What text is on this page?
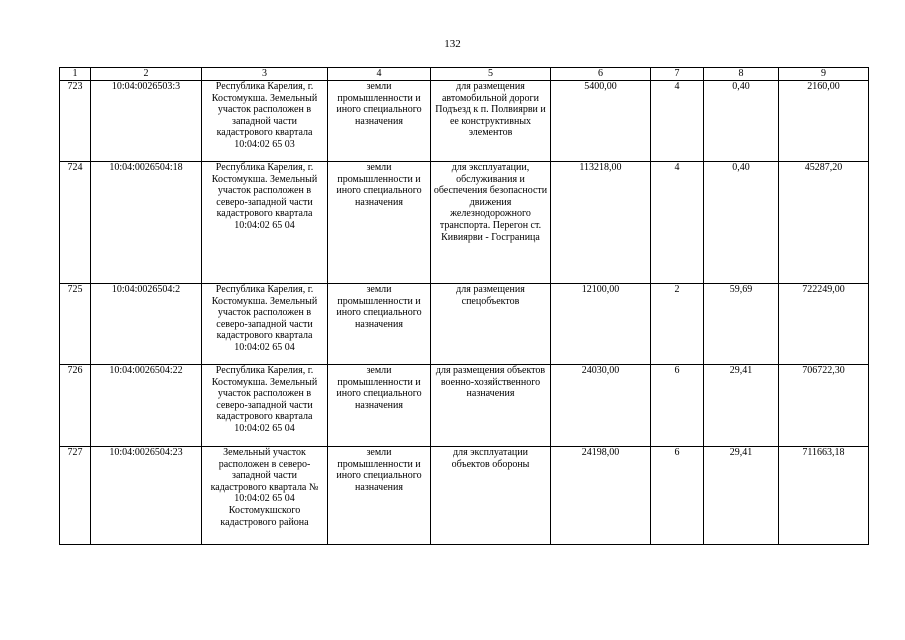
132
1	2	3	4	5	6	7	8	9
723	10:04:0026503:3	Республика Карелия, г. Костомукша. Земельный участок расположен в западной части кадастрового квартала 10:04:02 65 03	земли промышленности и иного специального назначения	для размещения автомобильной дороги Подъезд к п. Полвиярви и ее конструктивных элементов	5400,00	4	0,40	2160,00
724	10:04:0026504:18	Республика Карелия, г. Костомукша. Земельный участок расположен в северо-западной части кадастрового квартала 10:04:02 65 04	земли промышленности и иного специального назначения	для эксплуатации, обслуживания и обеспечения безопасности движения железнодорожного транспорта. Перегон ст. Кивиярви - Госграница	113218,00	4	0,40	45287,20
725	10:04:0026504:2	Республика Карелия, г. Костомукша. Земельный участок расположен в северо-западной части кадастрового квартала 10:04:02 65 04	земли промышленности и иного специального назначения	для размещения спецобъектов	12100,00	2	59,69	722249,00
726	10:04:0026504:22	Республика Карелия, г. Костомукша. Земельный участок расположен в северо-западной части кадастрового квартала 10:04:02 65 04	земли промышленности и иного специального назначения	для размещения объектов военно-хозяйственного назначения	24030,00	6	29,41	706722,30
727	10:04:0026504:23	Земельный участок расположен в северо-западной части кадастрового квартала № 10:04:02 65 04 Костомукшского кадастрового района	земли промышленности и иного специального назначения	для эксплуатации объектов обороны	24198,00	6	29,41	711663,18
